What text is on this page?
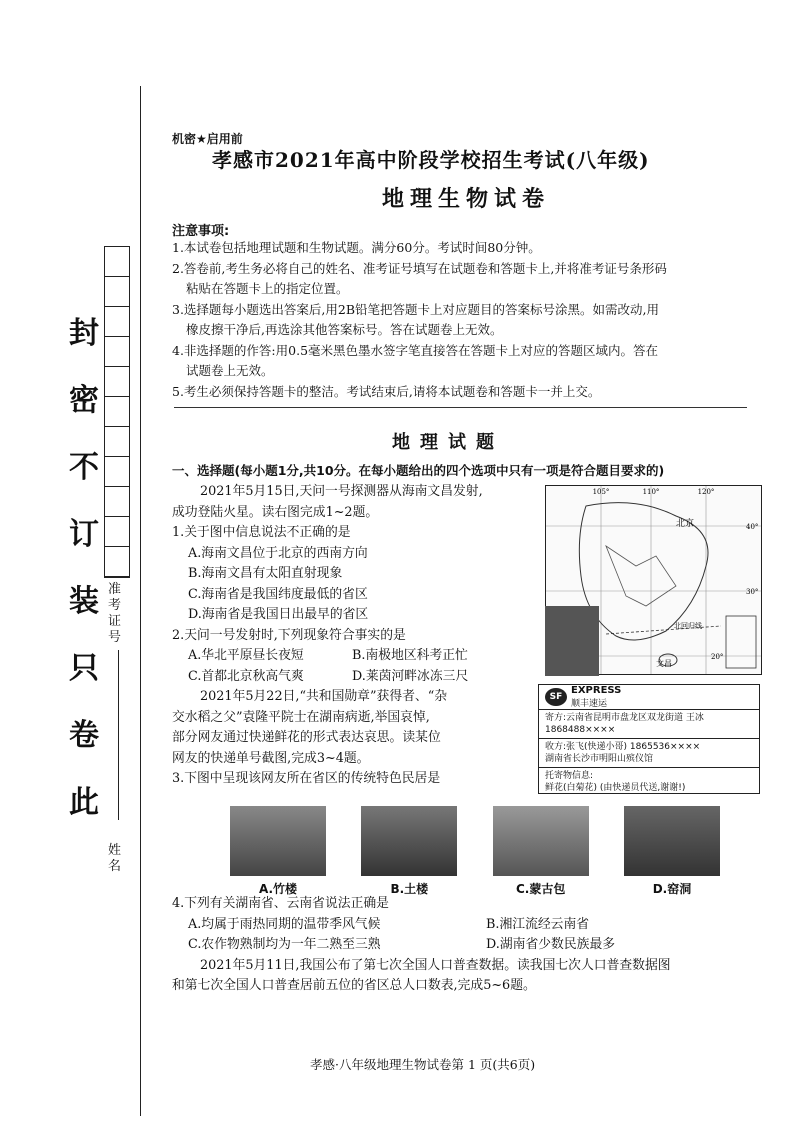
封
密
不
订
装
只
卷
此
准考证号
姓名
机密★启用前
孝感市2021年高中阶段学校招生考试(八年级)
地理生物试卷
注意事项:

1.本试卷包括地理试题和生物试题。满分60分。考试时间80分钟。

2.答卷前,考生务必将自己的姓名、准考证号填写在试题卷和答题卡上,并将准考证号条形码

粘贴在答题卡上的指定位置。

3.选择题每小题选出答案后,用2B铅笔把答题卡上对应题目的答案标号涂黑。如需改动,用

橡皮擦干净后,再选涂其他答案标号。答在试题卷上无效。

4.非选择题的作答:用0.5毫米黑色墨水签字笔直接答在答题卡上对应的答题区域内。答在

试题卷上无效。

5.考生必须保持答题卡的整洁。考试结束后,请将本试题卷和答题卡一并上交。

地理试题
一、选择题(每小题1分,共10分。在每小题给出的四个选项中只有一项是符合题目要求的)

2021年5月15日,天问一号探测器从海南文昌发射,

成功登陆火星。读右图完成1~2题。

1.关于图中信息说法不正确的是

A.海南文昌位于北京的西南方向

B.海南文昌有太阳直射现象

C.海南省是我国纬度最低的省区

D.海南省是我国日出最早的省区

2.天问一号发射时,下列现象符合事实的是

A.华北平原昼长夜短	B.南极地区科考正忙

C.首都北京秋高气爽	D.莱茵河畔冰冻三尺

2021年5月22日,“共和国勋章”获得者、“杂

交水稻之父”袁隆平院士在湖南病逝,举国哀悼,

部分网友通过快递鲜花的形式表达哀思。读某位

网友的快递单号截图,完成3~4题。

3.下图中呈现该网友所在省区的传统特色民居是

4.下列有关湖南省、云南省说法正确是

A.均属于雨热同期的温带季风气候	B.湘江流经云南省

C.农作物熟制均为一年二熟至三熟	D.湖南省少数民族最多

2021年5月11日,我国公布了第七次全国人口普查数据。读我国七次人口普查数据图

和第七次全国人口普查居前五位的省区总人口数表,完成5~6题。

105°	110°	120°
40°
30°
20°
北京
北回归线
文昌
SF
EXPRESS
顺丰速运
寄方:云南省昆明市盘龙区双龙街道 王冰 1868488××××
收方:张飞(快递小哥) 1865536××××
湖南省长沙市明阳山殡仪馆
托寄物信息:
鲜花(白菊花) (由快递员代送,谢谢!)
A.竹楼	B.土楼	C.蒙古包	D.窑洞
孝感·八年级地理生物试卷第 1 页(共6页)
